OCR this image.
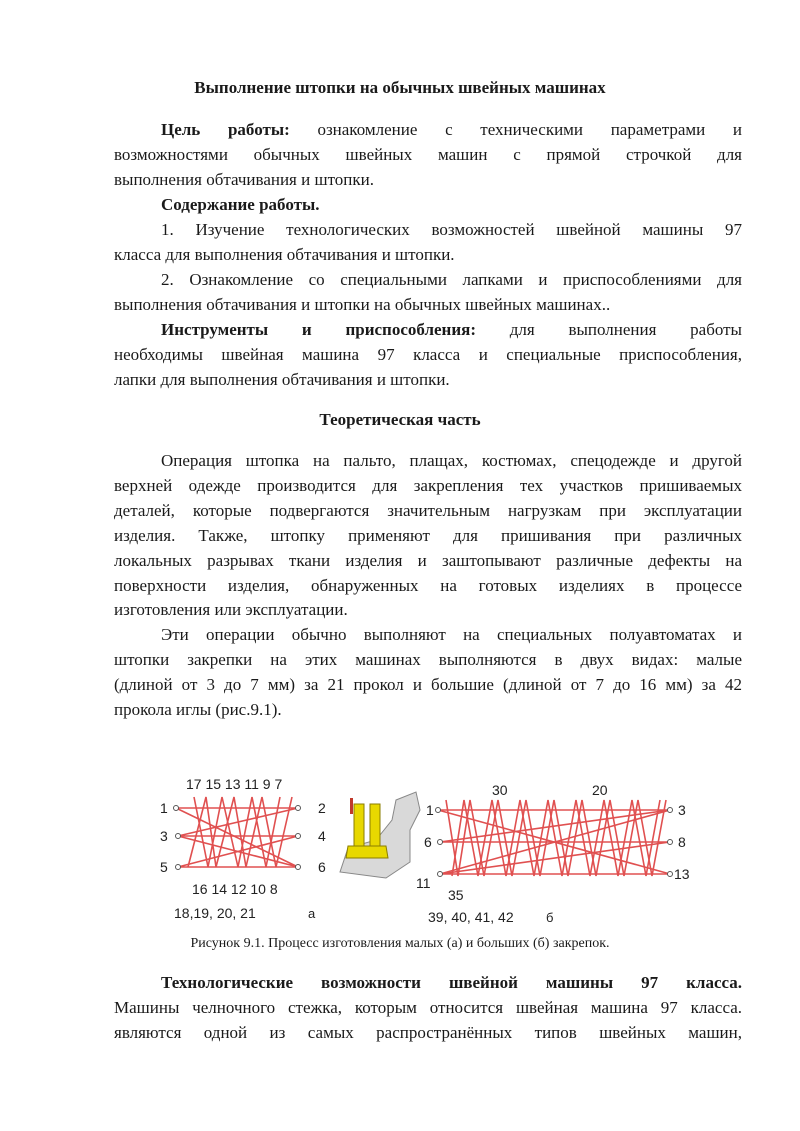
Выполнение штопки на обычных швейных машинах
Цель работы: ознакомление с техническими параметрами и
возможностями обычных швейных машин с прямой строчкой для
выполнения обтачивания и штопки.
Содержание работы.
1. Изучение технологических возможностей швейной машины 97
класса для выполнения обтачивания и штопки.
2. Ознакомление со специальными лапками и приспособлениями для
выполнения обтачивания и штопки на обычных швейных машинах..
Инструменты и приспособления: для выполнения работы
необходимы швейная машина 97 класса и специальные приспособления,
лапки для выполнения обтачивания и штопки.
Теоретическая часть
Операция штопка на пальто, плащах, костюмах, спецодежде и другой
верхней одежде производится для закрепления тех участков пришиваемых
деталей, которые подвергаются значительным нагрузкам при эксплуатации
изделия. Также, штопку применяют для пришивания при различных
локальных разрывах ткани изделия и заштопывают различные дефекты на
поверхности изделия, обнаруженных на готовых изделиях в процессе
изготовления или эксплуатации.
Эти операции обычно выполняют на специальных полуавтоматах и
штопки закрепки на этих машинах выполняются в двух видах: малые
(длиной от 3 до 7 мм) за 21 прокол и большие (длиной от 7 до 16 мм) за 42
прокола иглы (рис.9.1).
17 15 13 11 9 7
1
3
5
2
4
6
16 14 12 10 8
18,19, 20, 21	а
30	20
1
6
11
3
8
13
35
39, 40, 41, 42 б
Рисунок 9.1. Процесс изготовления малых (а) и больших (б) закрепок.
Технологические возможности швейной машины 97 класса.
Машины челночного стежка, которым относится швейная машина 97 класса.
являются одной из самых распространённых типов швейных машин,
